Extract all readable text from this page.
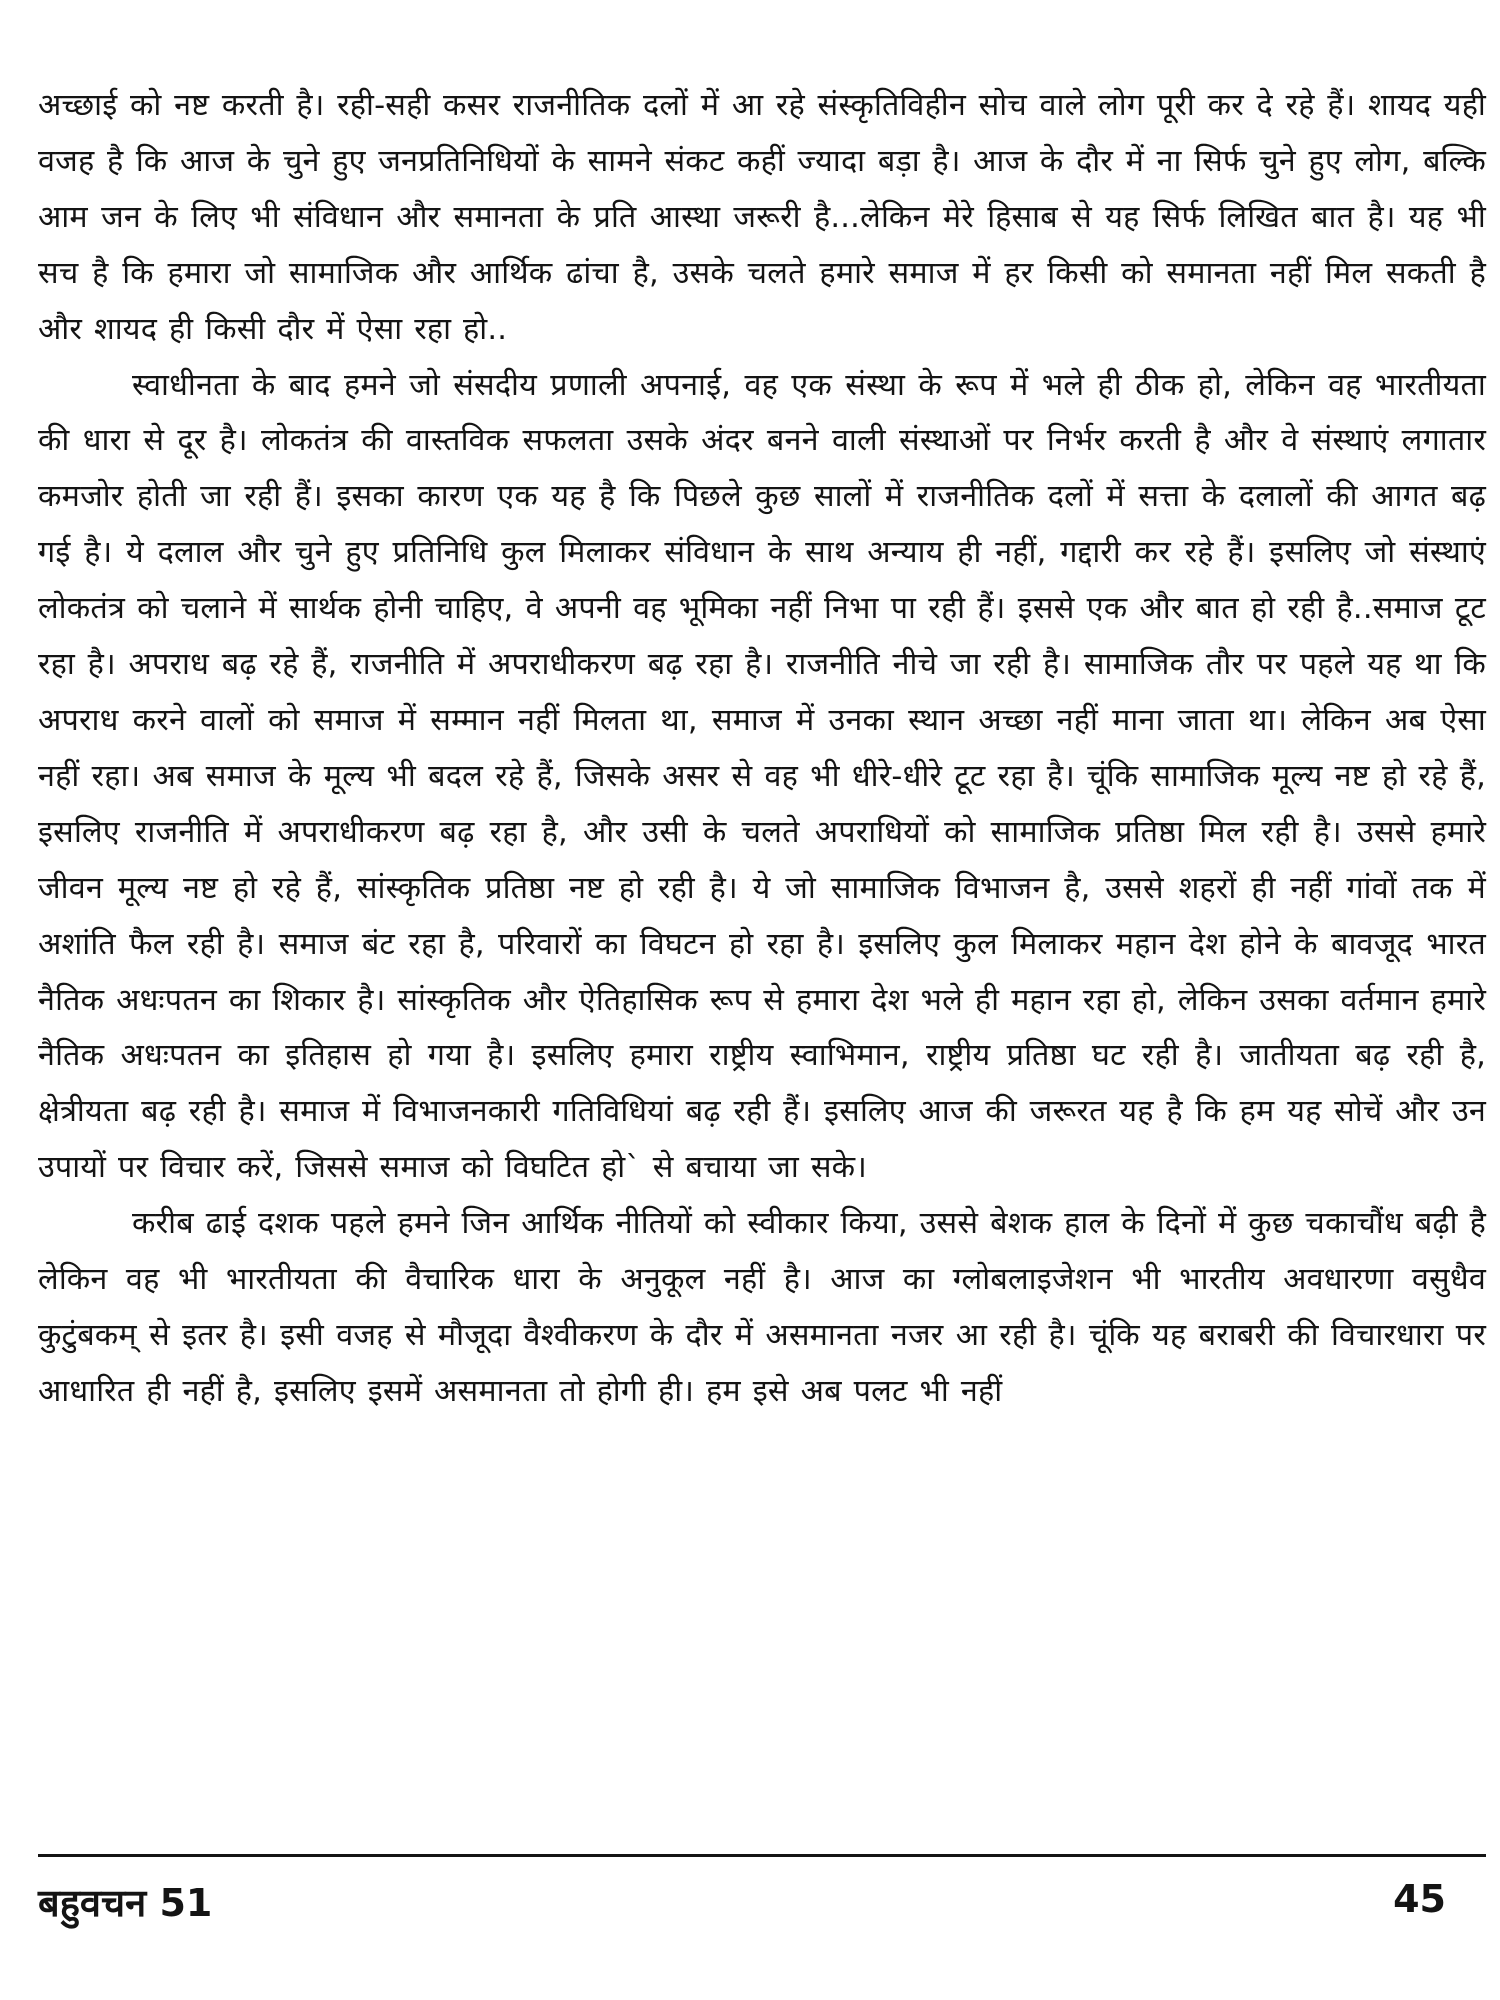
अच्छाई को नष्ट करती है। रही-सही कसर राजनीतिक दलों में आ रहे संस्कृतिविहीन सोच वाले लोग पूरी कर दे रहे हैं। शायद यही वजह है कि आज के चुने हुए जनप्रतिनिधियों के सामने संकट कहीं ज्यादा बड़ा है। आज के दौर में ना सिर्फ चुने हुए लोग, बल्कि आम जन के लिए भी संविधान और समानता के प्रति आस्था जरूरी है...लेकिन मेरे हिसाब से यह सिर्फ लिखित बात है। यह भी सच है कि हमारा जो सामाजिक और आर्थिक ढांचा है, उसके चलते हमारे समाज में हर किसी को समानता नहीं मिल सकती है और शायद ही किसी दौर में ऐसा रहा हो..

स्वाधीनता के बाद हमने जो संसदीय प्रणाली अपनाई, वह एक संस्था के रूप में भले ही ठीक हो, लेकिन वह भारतीयता की धारा से दूर है। लोकतंत्र की वास्तविक सफलता उसके अंदर बनने वाली संस्थाओं पर निर्भर करती है और वे संस्थाएं लगातार कमजोर होती जा रही हैं। इसका कारण एक यह है कि पिछले कुछ सालों में राजनीतिक दलों में सत्ता के दलालों की आगत बढ़ गई है। ये दलाल और चुने हुए प्रतिनिधि कुल मिलाकर संविधान के साथ अन्याय ही नहीं, गद्दारी कर रहे हैं। इसलिए जो संस्थाएं लोकतंत्र को चलाने में सार्थक होनी चाहिए, वे अपनी वह भूमिका नहीं निभा पा रही हैं। इससे एक और बात हो रही है..समाज टूट रहा है। अपराध बढ़ रहे हैं, राजनीति में अपराधीकरण बढ़ रहा है। राजनीति नीचे जा रही है। सामाजिक तौर पर पहले यह था कि अपराध करने वालों को समाज में सम्मान नहीं मिलता था, समाज में उनका स्थान अच्छा नहीं माना जाता था। लेकिन अब ऐसा नहीं रहा। अब समाज के मूल्य भी बदल रहे हैं, जिसके असर से वह भी धीरे-धीरे टूट रहा है। चूंकि सामाजिक मूल्य नष्ट हो रहे हैं, इसलिए राजनीति में अपराधीकरण बढ़ रहा है, और उसी के चलते अपराधियों को सामाजिक प्रतिष्ठा मिल रही है। उससे हमारे जीवन मूल्य नष्ट हो रहे हैं, सांस्कृतिक प्रतिष्ठा नष्ट हो रही है। ये जो सामाजिक विभाजन है, उससे शहरों ही नहीं गांवों तक में अशांति फैल रही है। समाज बंट रहा है, परिवारों का विघटन हो रहा है। इसलिए कुल मिलाकर महान देश होने के बावजूद भारत नैतिक अधःपतन का शिकार है। सांस्कृतिक और ऐतिहासिक रूप से हमारा देश भले ही महान रहा हो, लेकिन उसका वर्तमान हमारे नैतिक अधःपतन का इतिहास हो गया है। इसलिए हमारा राष्ट्रीय स्वाभिमान, राष्ट्रीय प्रतिष्ठा घट रही है। जातीयता बढ़ रही है, क्षेत्रीयता बढ़ रही है। समाज में विभाजनकारी गतिविधियां बढ़ रही हैं। इसलिए आज की जरूरत यह है कि हम यह सोचें और उन उपायों पर विचार करें, जिससे समाज को विघटित हो` से बचाया जा सके।

करीब ढाई दशक पहले हमने जिन आर्थिक नीतियों को स्वीकार किया, उससे बेशक हाल के दिनों में कुछ चकाचौंध बढ़ी है लेकिन वह भी भारतीयता की वैचारिक धारा के अनुकूल नहीं है। आज का ग्लोबलाइजेशन भी भारतीय अवधारणा वसुधैव कुटुंबकम् से इतर है। इसी वजह से मौजूदा वैश्वीकरण के दौर में असमानता नजर आ रही है। चूंकि यह बराबरी की विचारधारा पर आधारित ही नहीं है, इसलिए इसमें असमानता तो होगी ही। हम इसे अब पलट भी नहीं

बहुवचन 51	45
